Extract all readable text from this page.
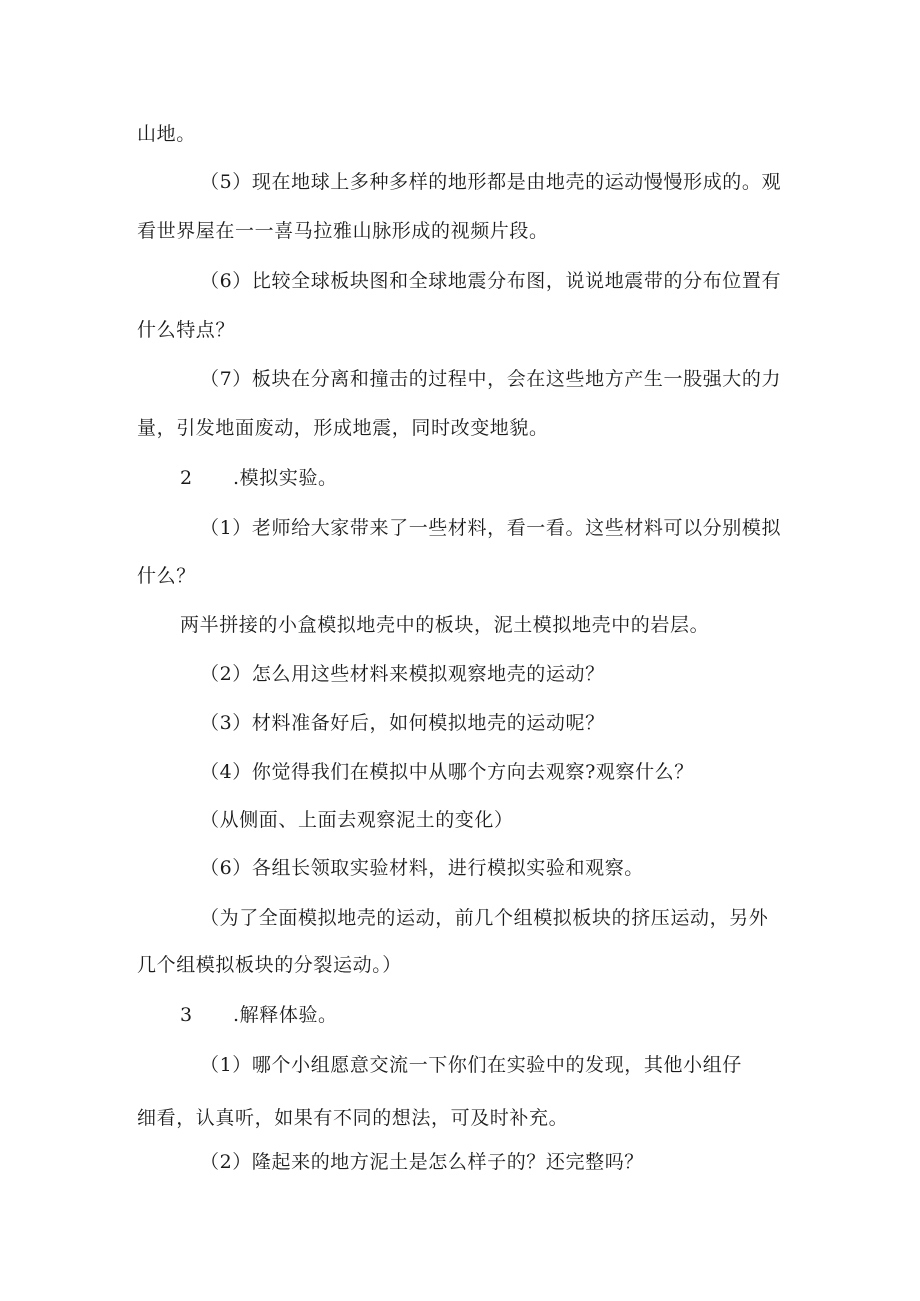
山地。
（5）现在地球上多种多样的地形都是由地壳的运动慢慢形成的。观
看世界屋在一一喜马拉雅山脉形成的视频片段。
（6）比较全球板块图和全球地震分布图，说说地震带的分布位置有
什么特点？
（7）板块在分离和撞击的过程中，会在这些地方产生一股强大的力
量，引发地面废动，形成地震，同时改变地貌。
2 .模拟实验。
（1）老师给大家带来了一些材料，看一看。这些材料可以分别模拟
什么？
两半拼接的小盒模拟地壳中的板块，泥土模拟地壳中的岩层。
（2）怎么用这些材料来模拟观察地壳的运动？
（3）材料准备好后，如何模拟地壳的运动呢？
（4）你觉得我们在模拟中从哪个方向去观察?观察什么？
（从侧面、上面去观察泥土的变化）
（6）各组长领取实验材料，进行模拟实验和观察。
（为了全面模拟地壳的运动，前几个组模拟板块的挤压运动，另外
几个组模拟板块的分裂运动。）
3 .解释体验。
（1）哪个小组愿意交流一下你们在实验中的发现，其他小组仔
细看，认真听，如果有不同的想法，可及时补充。
（2）隆起来的地方泥土是怎么样子的？还完整吗？
